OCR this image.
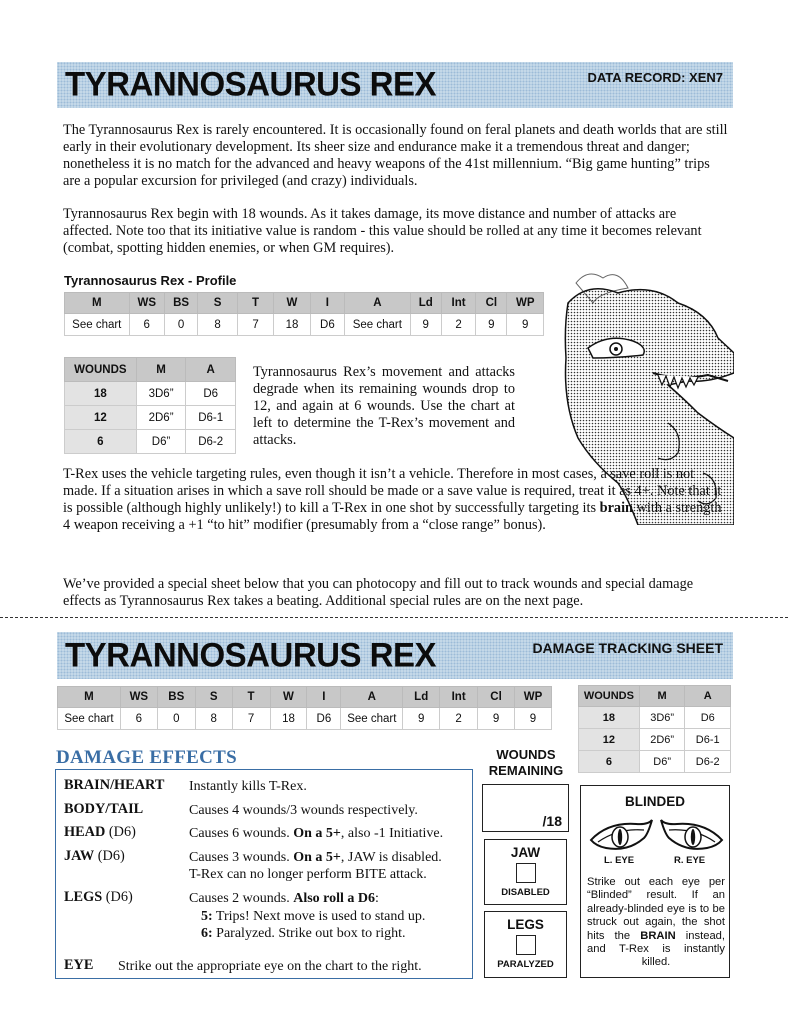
TYRANNOSAURUS REX	DATA RECORD: XEN7

The Tyrannosaurus Rex is rarely encountered. It is occasionally found on feral planets and death worlds that are still early in their evolutionary development. Its sheer size and endurance make it a tremendous threat and danger; nonetheless it is no match for the advanced and heavy weapons of the 41st millennium. “Big game hunting” trips are a popular excursion for privileged (and crazy) individuals.

Tyrannosaurus Rex begin with 18 wounds. As it takes damage, its move distance and number of attacks are affected. Note too that its initiative value is random - this value should be rolled at any time it becomes relevant (combat, spotting hidden enemies, or when GM requires).

Tyrannosaurus Rex - Profile
M	WS	BS	S	T	W	I	A	Ld	Int	Cl	WP
See chart	6	0	8	7	18	D6	See chart	9	2	9	9
WOUNDS	M	A
18	3D6”	D6
12	2D6”	D6-1
6	D6”	D6-2

Tyrannosaurus Rex’s movement and attacks degrade when its remaining wounds drop to 12, and again at 6 wounds. Use the chart at left to determine the T-Rex’s movement and attacks.

T-Rex uses the vehicle targeting rules, even though it isn’t a vehicle. Therefore in most cases, a save roll is not made. If a situation arises in which a save roll should be made or a save value is required, treat it as 4+. Note that it is possible (although highly unlikely!) to kill a T-Rex in one shot by successfully targeting its brain with a strength 4 weapon receiving a +1 “to hit” modifier (presumably from a “close range” bonus).

We’ve provided a special sheet below that you can photocopy and fill out to track wounds and special damage effects as Tyrannosaurus Rex takes a beating. Additional special rules are on the next page.

TYRANNOSAURUS REX	DAMAGE TRACKING SHEET
M	WS	BS	S	T	W	I	A	Ld	Int	Cl	WP
See chart	6	0	8	7	18	D6	See chart	9	2	9	9
WOUNDS	M	A
18	3D6”	D6
12	2D6”	D6-1
6	D6”	D6-2
DAMAGE EFFECTS
BRAIN/HEART Instantly kills T-Rex.
BODY/TAIL	Causes 4 wounds/3 wounds respectively.
HEAD (D6)	Causes 6 wounds. On a 5+, also -1 Initiative.
JAW (D6)	Causes 3 wounds. On a 5+, JAW is disabled.
T-Rex can no longer perform BITE attack.
LEGS (D6)	Causes 2 wounds. Also roll a D6:
5: Trips! Next move is used to stand up.
6: Paralyzed. Strike out box to right.
EYE Strike out the appropriate eye on the chart to the right.
WOUNDS
REMAINING
/18
JAW
DISABLED
LEGS
PARALYZED
BLINDED
L. EYE	R. EYE
Strike out each eye per “Blinded” result. If an already-blinded eye is to be struck out again, the shot hits the BRAIN instead, and T-Rex is instantly killed.
